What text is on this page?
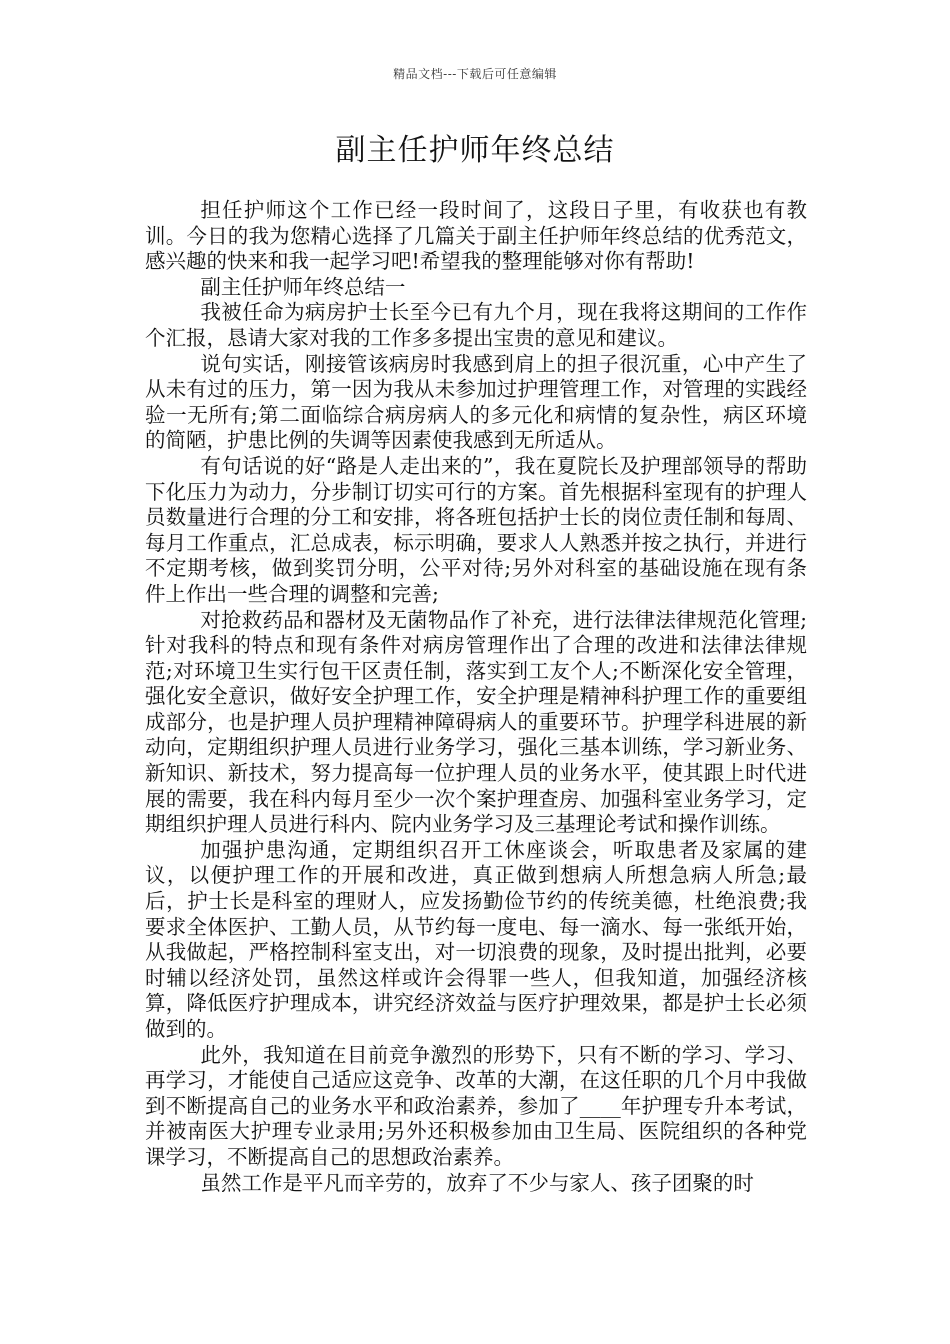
精品文档---下载后可任意编辑
副主任护师年终总结

担任护师这个工作已经一段时间了，这段日子里，有收获也有教训。今日的我为您精心选择了几篇关于副主任护师年终总结的优秀范文，感兴趣的快来和我一起学习吧!希望我的整理能够对你有帮助!

副主任护师年终总结一

我被任命为病房护士长至今已有九个月，现在我将这期间的工作作个汇报，恳请大家对我的工作多多提出宝贵的意见和建议。

说句实话，刚接管该病房时我感到肩上的担子很沉重，心中产生了从未有过的压力，第一因为我从未参加过护理管理工作，对管理的实践经验一无所有;第二面临综合病房病人的多元化和病情的复杂性，病区环境的简陋，护患比例的失调等因素使我感到无所适从。

有句话说的好“路是人走出来的”，我在夏院长及护理部领导的帮助下化压力为动力，分步制订切实可行的方案。首先根据科室现有的护理人员数量进行合理的分工和安排，将各班包括护士长的岗位责任制和每周、每月工作重点，汇总成表，标示明确，要求人人熟悉并按之执行，并进行不定期考核，做到奖罚分明，公平对待;另外对科室的基础设施在现有条件上作出一些合理的调整和完善;

对抢救药品和器材及无菌物品作了补充，进行法律法律规范化管理;针对我科的特点和现有条件对病房管理作出了合理的改进和法律法律规范;对环境卫生实行包干区责任制，落实到工友个人;不断深化安全管理，强化安全意识，做好安全护理工作，安全护理是精神科护理工作的重要组成部分，也是护理人员护理精神障碍病人的重要环节。护理学科进展的新动向，定期组织护理人员进行业务学习，强化三基本训练，学习新业务、新知识、新技术，努力提高每一位护理人员的业务水平，使其跟上时代进展的需要，我在科内每月至少一次个案护理查房、加强科室业务学习，定期组织护理人员进行科内、院内业务学习及三基理论考试和操作训练。

加强护患沟通，定期组织召开工休座谈会，听取患者及家属的建议，以便护理工作的开展和改进，真正做到想病人所想急病人所急;最后，护士长是科室的理财人，应发扬勤俭节约的传统美德，杜绝浪费;我要求全体医护、工勤人员，从节约每一度电、每一滴水、每一张纸开始，从我做起，严格控制科室支出，对一切浪费的现象，及时提出批判，必要时辅以经济处罚，虽然这样或许会得罪一些人，但我知道，加强经济核算，降低医疗护理成本，讲究经济效益与医疗护理效果，都是护士长必须做到的。

此外，我知道在目前竞争激烈的形势下，只有不断的学习、学习、再学习，才能使自己适应这竞争、改革的大潮，在这任职的几个月中我做到不断提高自己的业务水平和政治素养，参加了____年护理专升本考试，并被南医大护理专业录用;另外还积极参加由卫生局、医院组织的各种党课学习，不断提高自己的思想政治素养。

虽然工作是平凡而辛劳的，放弃了不少与家人、孩子团聚的时
